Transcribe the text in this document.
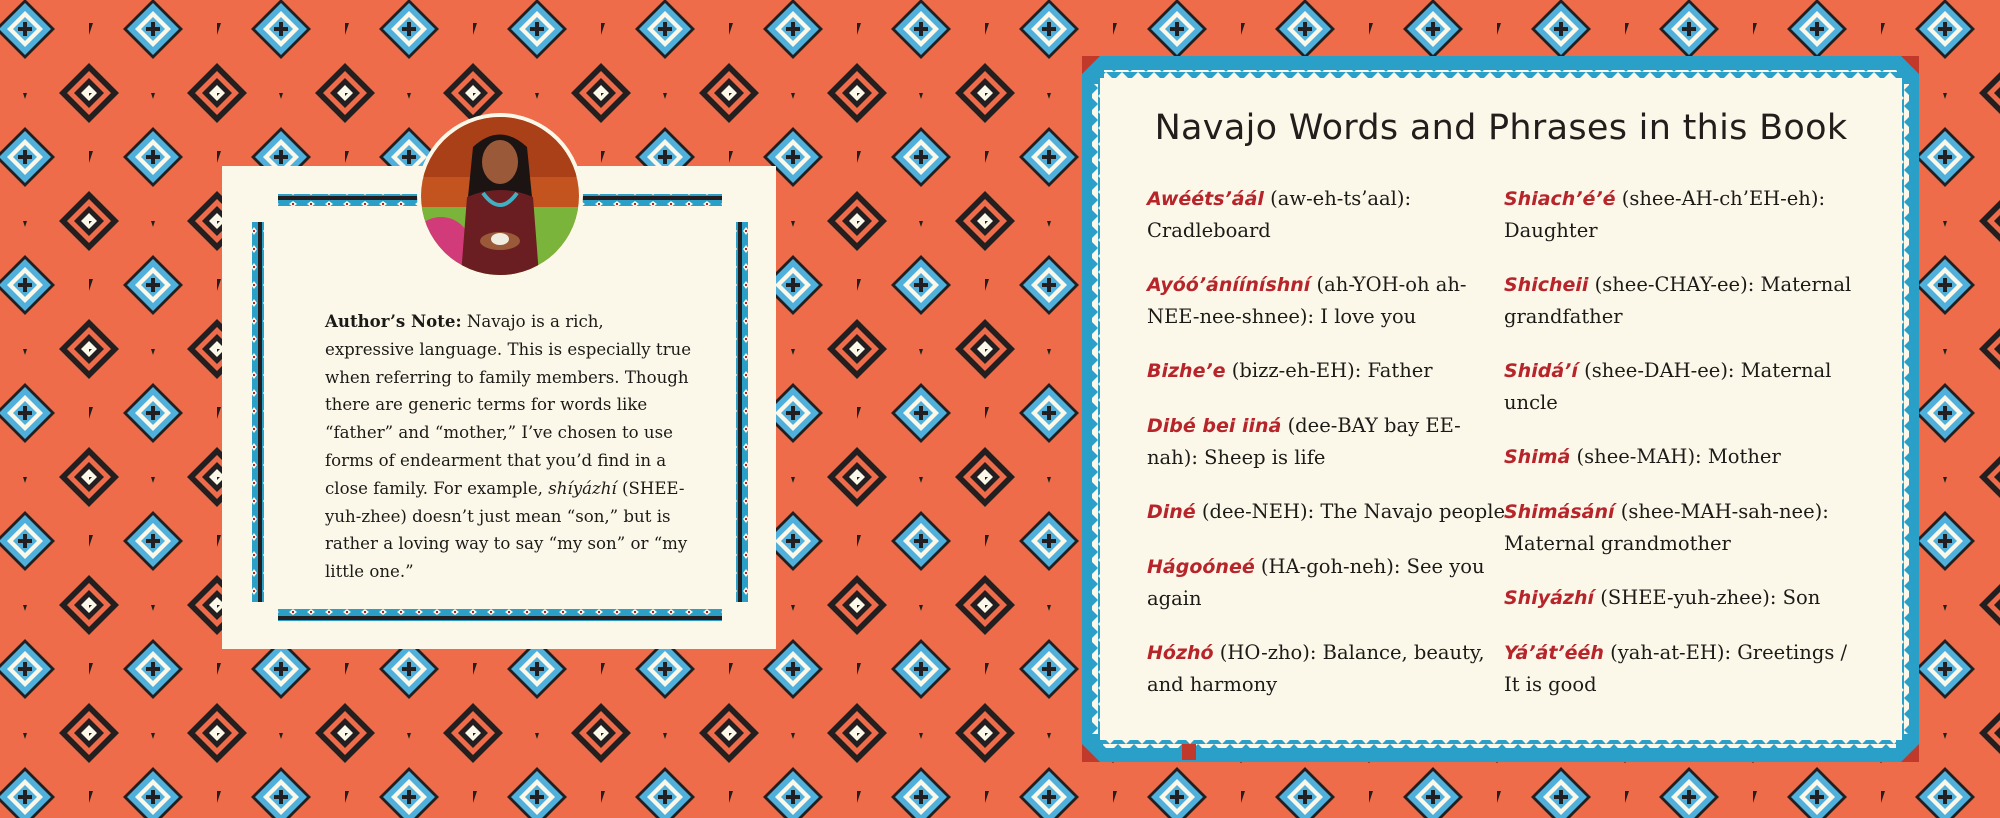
Author’s Note: Navajo is a rich, expressive language. This is especially true when referring to family members. Though there are generic terms for words like “father” and “mother,” I’ve chosen to use forms of endearment that you’d find in a close family. For example, shíyázhí (SHEE-yuh-zhee) doesn’t just mean “son,” but is rather a loving way to say “my son” or “my little one.”
Navajo Words and Phrases in this Book
Awéétsʼáál (aw-eh-ts’aal): Cradleboard
Ayóóʼánííníshní (ah-YOH-oh ah-NEE-nee-shnee): I love you
Bizheʼe (bizz-eh-EH): Father
Dibé bei iiná (dee-BAY bay EE-nah): Sheep is life
Diné (dee-NEH): The Navajo people
Hágoóneé (HA-goh-neh): See you again
Hózhó (HO-zho): Balance, beauty, and harmony
Shiachʼéʼé (shee-AH-ch’EH-eh): Daughter
Shicheii (shee-CHAY-ee): Maternal grandfather
Shidáʼí (shee-DAH-ee): Maternal uncle
Shimá (shee-MAH): Mother
Shimásání (shee-MAH-sah-nee): Maternal grandmother
Shiyázhí (SHEE-yuh-zhee): Son
Yáʼátʼééh (yah-at-EH): Greetings / It is good
